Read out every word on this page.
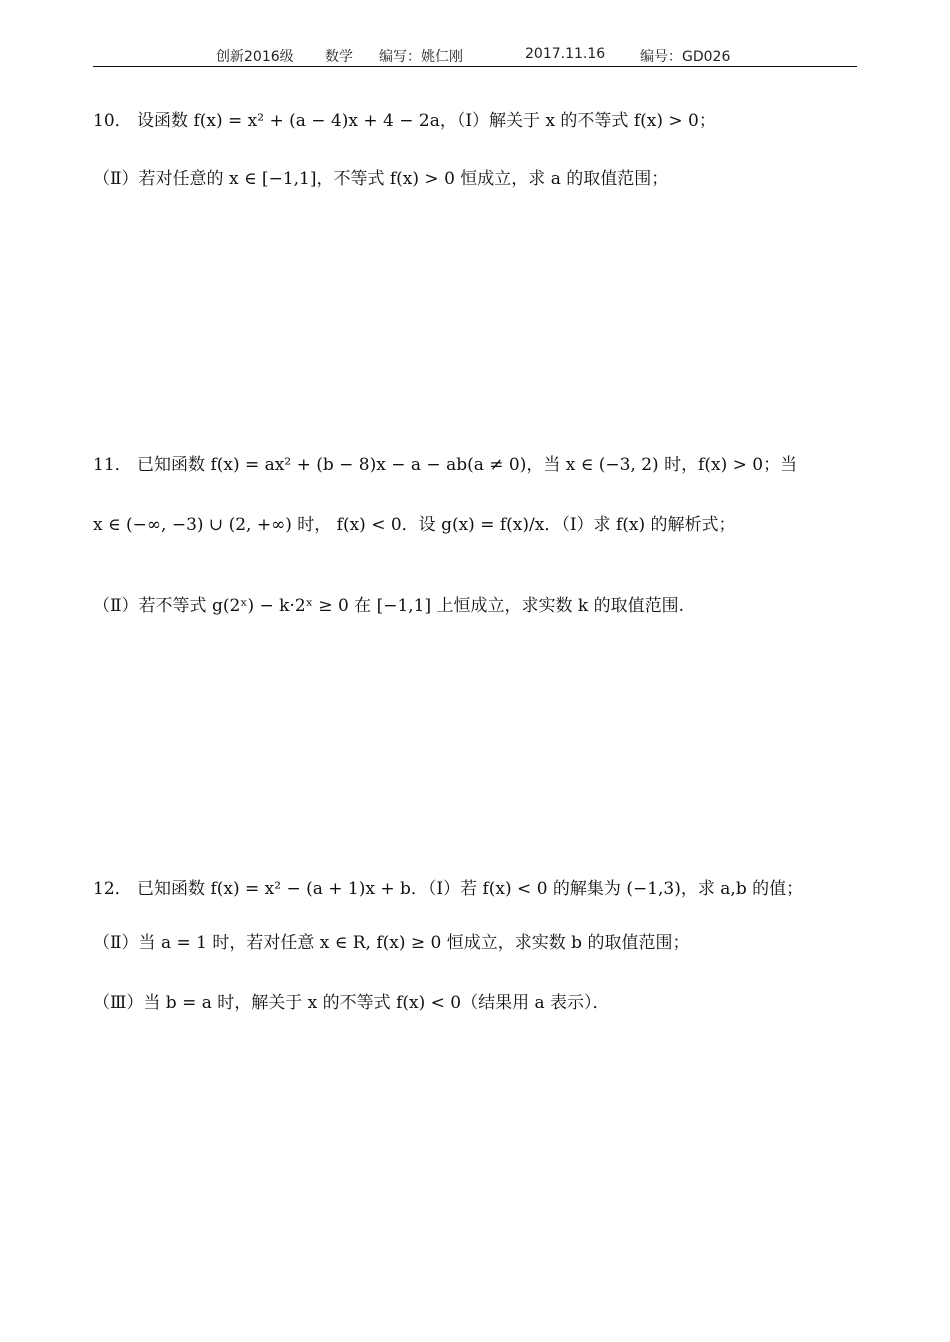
创新2016级 数学 编写：姚仁刚	2017.11.16 编号：GD026
10． 设函数 f(x) = x² + (a − 4)x + 4 − 2a，（Ⅰ）解关于 x 的不等式 f(x) > 0；
（Ⅱ）若对任意的 x ∈ [−1,1]，不等式 f(x) > 0 恒成立，求 a 的取值范围；
11． 已知函数 f(x) = ax² + (b − 8)x − a − ab(a ≠ 0)，当 x ∈ (−3, 2) 时，f(x) > 0；当
x ∈ (−∞, −3) ∪ (2, +∞) 时， f(x) < 0．设 g(x) = f(x)/x．（Ⅰ）求 f(x) 的解析式；
（Ⅱ）若不等式 g(2ˣ) − k·2ˣ ≥ 0 在 [−1,1] 上恒成立，求实数 k 的取值范围.
12． 已知函数 f(x) = x² − (a + 1)x + b．（Ⅰ）若 f(x) < 0 的解集为 (−1,3)，求 a,b 的值；
（Ⅱ）当 a = 1 时，若对任意 x ∈ R, f(x) ≥ 0 恒成立，求实数 b 的取值范围；
（Ⅲ）当 b = a 时，解关于 x 的不等式 f(x) < 0（结果用 a 表示）．
